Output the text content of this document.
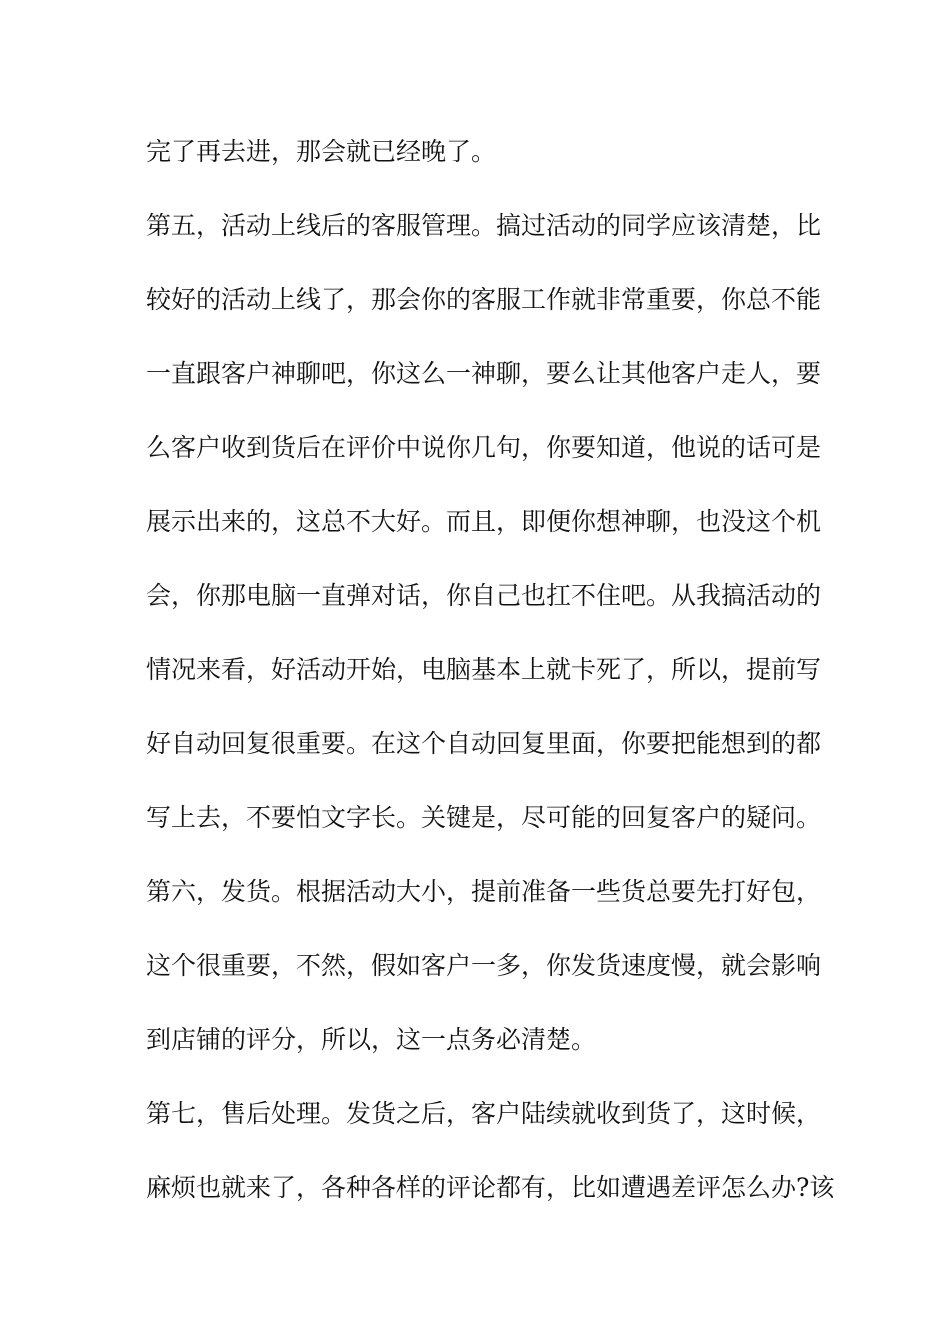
完了再去进，那会就已经晚了。
第五，活动上线后的客服管理。搞过活动的同学应该清楚，比
较好的活动上线了，那会你的客服工作就非常重要，你总不能
一直跟客户神聊吧，你这么一神聊，要么让其他客户走人，要
么客户收到货后在评价中说你几句，你要知道，他说的话可是
展示出来的，这总不大好。而且，即便你想神聊，也没这个机
会，你那电脑一直弹对话，你自己也扛不住吧。从我搞活动的
情况来看，好活动开始，电脑基本上就卡死了，所以，提前写
好自动回复很重要。在这个自动回复里面，你要把能想到的都
写上去，不要怕文字长。关键是，尽可能的回复客户的疑问。
第六，发货。根据活动大小，提前准备一些货总要先打好包，
这个很重要，不然，假如客户一多，你发货速度慢，就会影响
到店铺的评分，所以，这一点务必清楚。
第七，售后处理。发货之后，客户陆续就收到货了，这时候，
麻烦也就来了，各种各样的评论都有，比如遭遇差评怎么办?该
